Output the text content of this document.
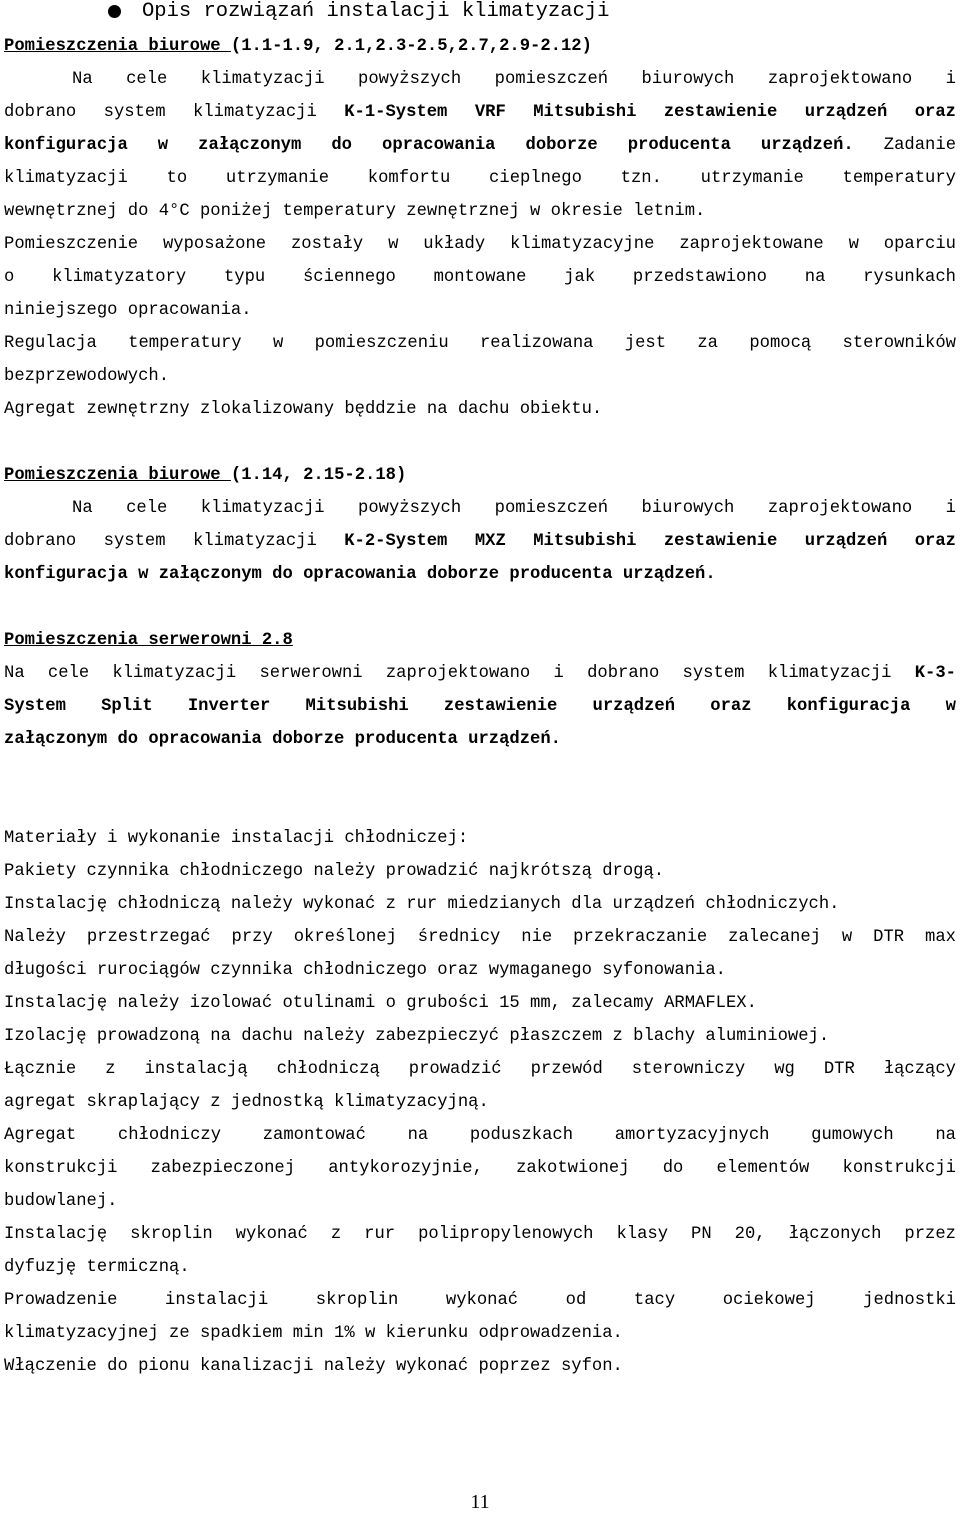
Opis rozwiązań instalacji klimatyzacji
Pomieszczenia biurowe (1.1-1.9, 2.1,2.3-2.5,2.7,2.9-2.12)
Na cele klimatyzacji powyższych pomieszczeń biurowych zaprojektowano i
dobrano system klimatyzacji K-1-System VRF Mitsubishi zestawienie urządzeń oraz
konfiguracja w załączonym do opracowania doborze producenta urządzeń. Zadanie
klimatyzacji to utrzymanie komfortu cieplnego tzn. utrzymanie temperatury
wewnętrznej do 4°C poniżej temperatury zewnętrznej w okresie letnim.
Pomieszczenie wyposażone zostały w układy klimatyzacyjne zaprojektowane w oparciu
o klimatyzatory typu ściennego montowane jak przedstawiono na rysunkach
niniejszego opracowania.
Regulacja temperatury w pomieszczeniu realizowana jest za pomocą sterowników
bezprzewodowych.
Agregat zewnętrzny zlokalizowany będdzie na dachu obiektu.
Pomieszczenia biurowe (1.14, 2.15-2.18)
Na cele klimatyzacji powyższych pomieszczeń biurowych zaprojektowano i
dobrano system klimatyzacji K-2-System MXZ Mitsubishi zestawienie urządzeń oraz
konfiguracja w załączonym do opracowania doborze producenta urządzeń.
Pomieszczenia serwerowni 2.8
Na cele klimatyzacji serwerowni zaprojektowano i dobrano system klimatyzacji K-3-
System Split Inverter Mitsubishi zestawienie urządzeń oraz konfiguracja w
załączonym do opracowania doborze producenta urządzeń.
Materiały i wykonanie instalacji chłodniczej:
Pakiety czynnika chłodniczego należy prowadzić najkrótszą drogą.
Instalację chłodniczą należy wykonać z rur miedzianych dla urządzeń chłodniczych.
Należy przestrzegać przy określonej średnicy nie przekraczanie zalecanej w DTR max
długości rurociągów czynnika chłodniczego oraz wymaganego syfonowania.
Instalację należy izolować otulinami o grubości 15 mm, zalecamy ARMAFLEX.
Izolację prowadzoną na dachu należy zabezpieczyć płaszczem z blachy aluminiowej.
Łącznie z instalacją chłodniczą prowadzić przewód sterowniczy wg DTR łączący
agregat skraplający z jednostką klimatyzacyjną.
Agregat chłodniczy zamontować na poduszkach amortyzacyjnych gumowych na
konstrukcji zabezpieczonej antykorozyjnie, zakotwionej do elementów konstrukcji
budowlanej.
Instalację skroplin wykonać z rur polipropylenowych klasy PN 20, łączonych przez
dyfuzję termiczną.
Prowadzenie instalacji skroplin wykonać od tacy ociekowej jednostki
klimatyzacyjnej ze spadkiem min 1% w kierunku odprowadzenia.
Włączenie do pionu kanalizacji należy wykonać poprzez syfon.
11
